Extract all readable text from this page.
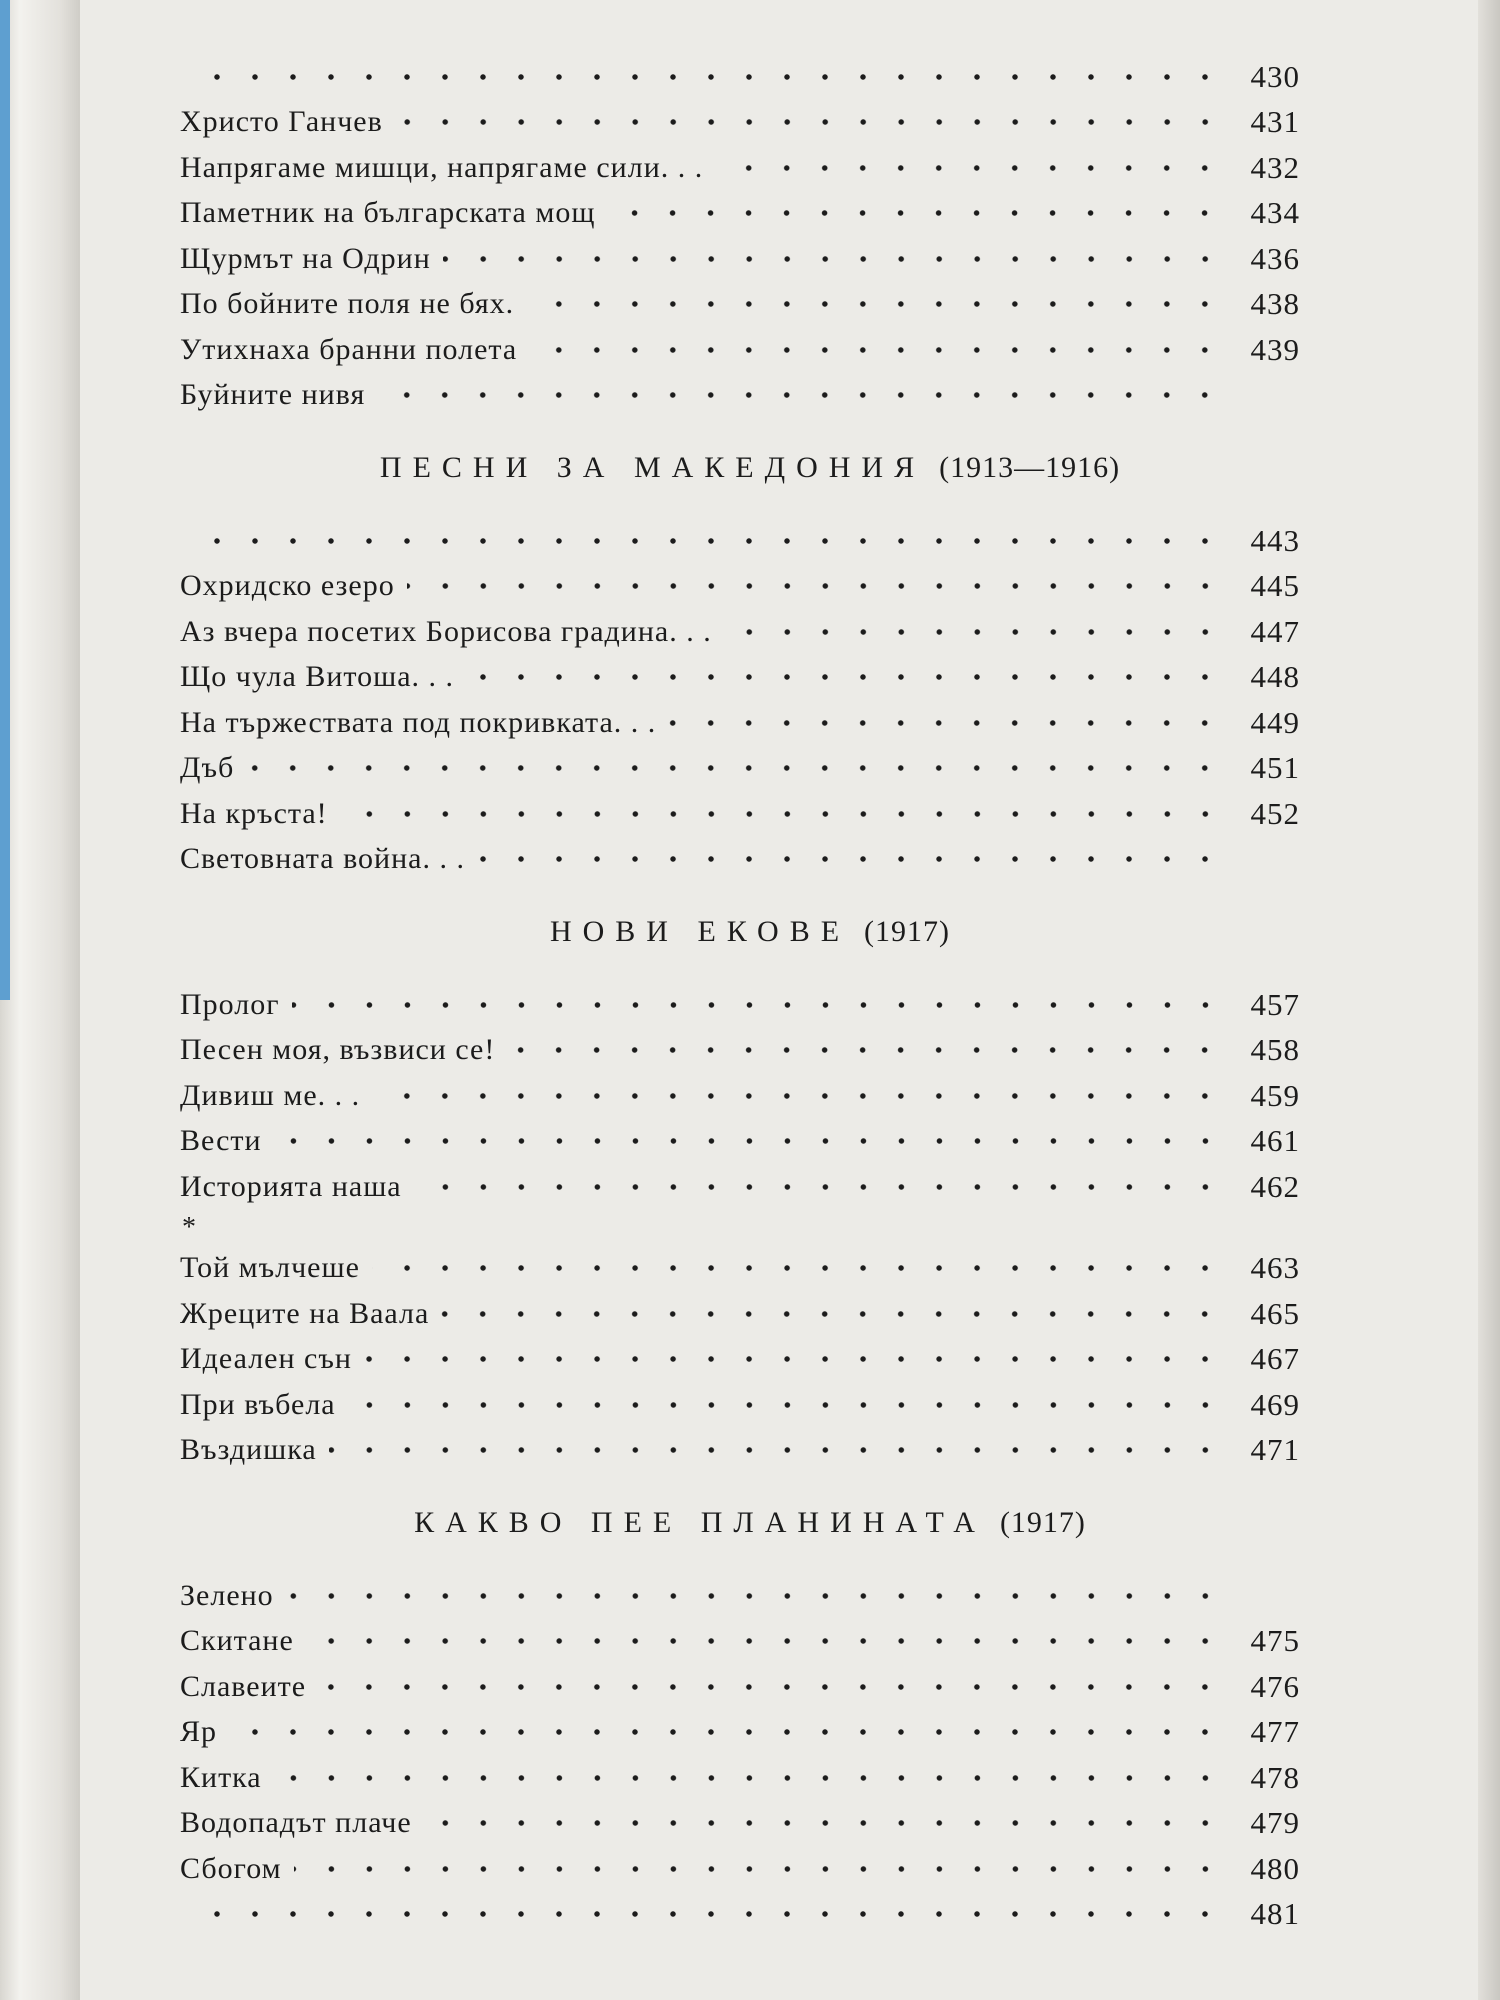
430
Христо Ганчев	431
Напрягаме мишци, напрягаме сили. . .	432
Паметник на българската мощ	434
Щурмът на Одрин	436
По бойните поля не бях.	438
Утихнаха бранни полета	439
Буйните нивя
ПЕСНИ ЗА МАКЕДОНИЯ (1913—1916)
443
Охридско езеро	445
Аз вчера посетих Борисова градина. . .	447
Що чула Витоша. . .	448
На тържествата под покривката. . .	449
Дъб	451
На кръста!	452
Световната война. . .
НОВИ ЕКОВЕ (1917)
Пролог	457
Песен моя, възвиси се!	458
Дивиш ме. . .	459
Вести	461
Историята наша	462
*
Той мълчеше	463
Жреците на Ваала	465
Идеален сън	467
При въбела	469
Въздишка	471
КАКВО ПЕЕ ПЛАНИНАТА (1917)
Зелено
Скитане	475
Славеите	476
Яр	477
Китка	478
Водопадът плаче	479
Сбогом	480
481
